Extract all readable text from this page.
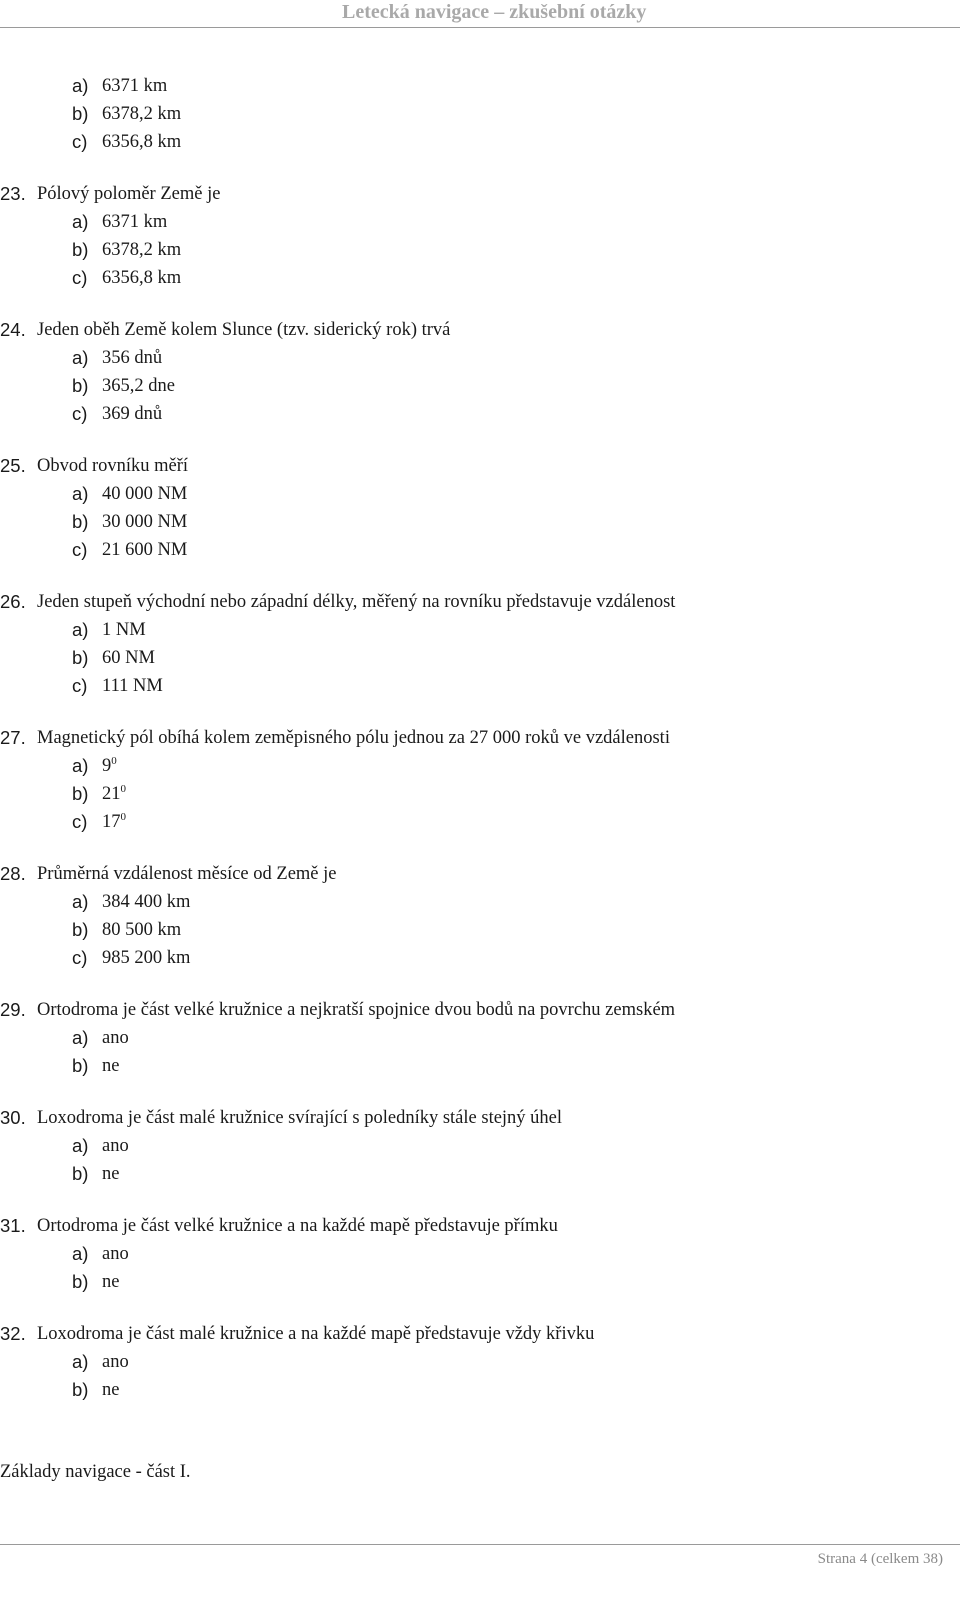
Letecká navigace – zkušební otázky
a) 6371 km
b) 6378,2 km
c) 6356,8 km
23. Pólový poloměr Země je
a) 6371 km
b) 6378,2 km
c) 6356,8 km
24. Jeden oběh Země kolem Slunce (tzv. siderický rok) trvá
a) 356 dnů
b) 365,2 dne
c) 369 dnů
25. Obvod rovníku měří
a) 40 000 NM
b) 30 000 NM
c) 21 600 NM
26. Jeden stupeň východní nebo západní délky, měřený na rovníku představuje vzdálenost
a) 1 NM
b) 60 NM
c) 111 NM
27. Magnetický pól obíhá kolem zeměpisného pólu jednou za 27 000 roků ve vzdálenosti
a) $9^0$
b) $21^0$
c) $17^0$
28. Průměrná vzdálenost měsíce od Země je
a) 384 400 km
b) 80 500 km
c) 985 200 km
29. Ortodroma je část velké kružnice a nejkratší spojnice dvou bodů na povrchu zemském
a) ano
b) ne
30. Loxodroma je část malé kružnice svírající s poledníky stále stejný úhel
a) ano
b) ne
31. Ortodroma je část velké kružnice a na každé mapě představuje přímku
a) ano
b) ne
32. Loxodroma je část malé kružnice a na každé mapě představuje vždy křivku
a) ano
b) ne
Základy navigace - část I.
Strana 4 (celkem 38)
